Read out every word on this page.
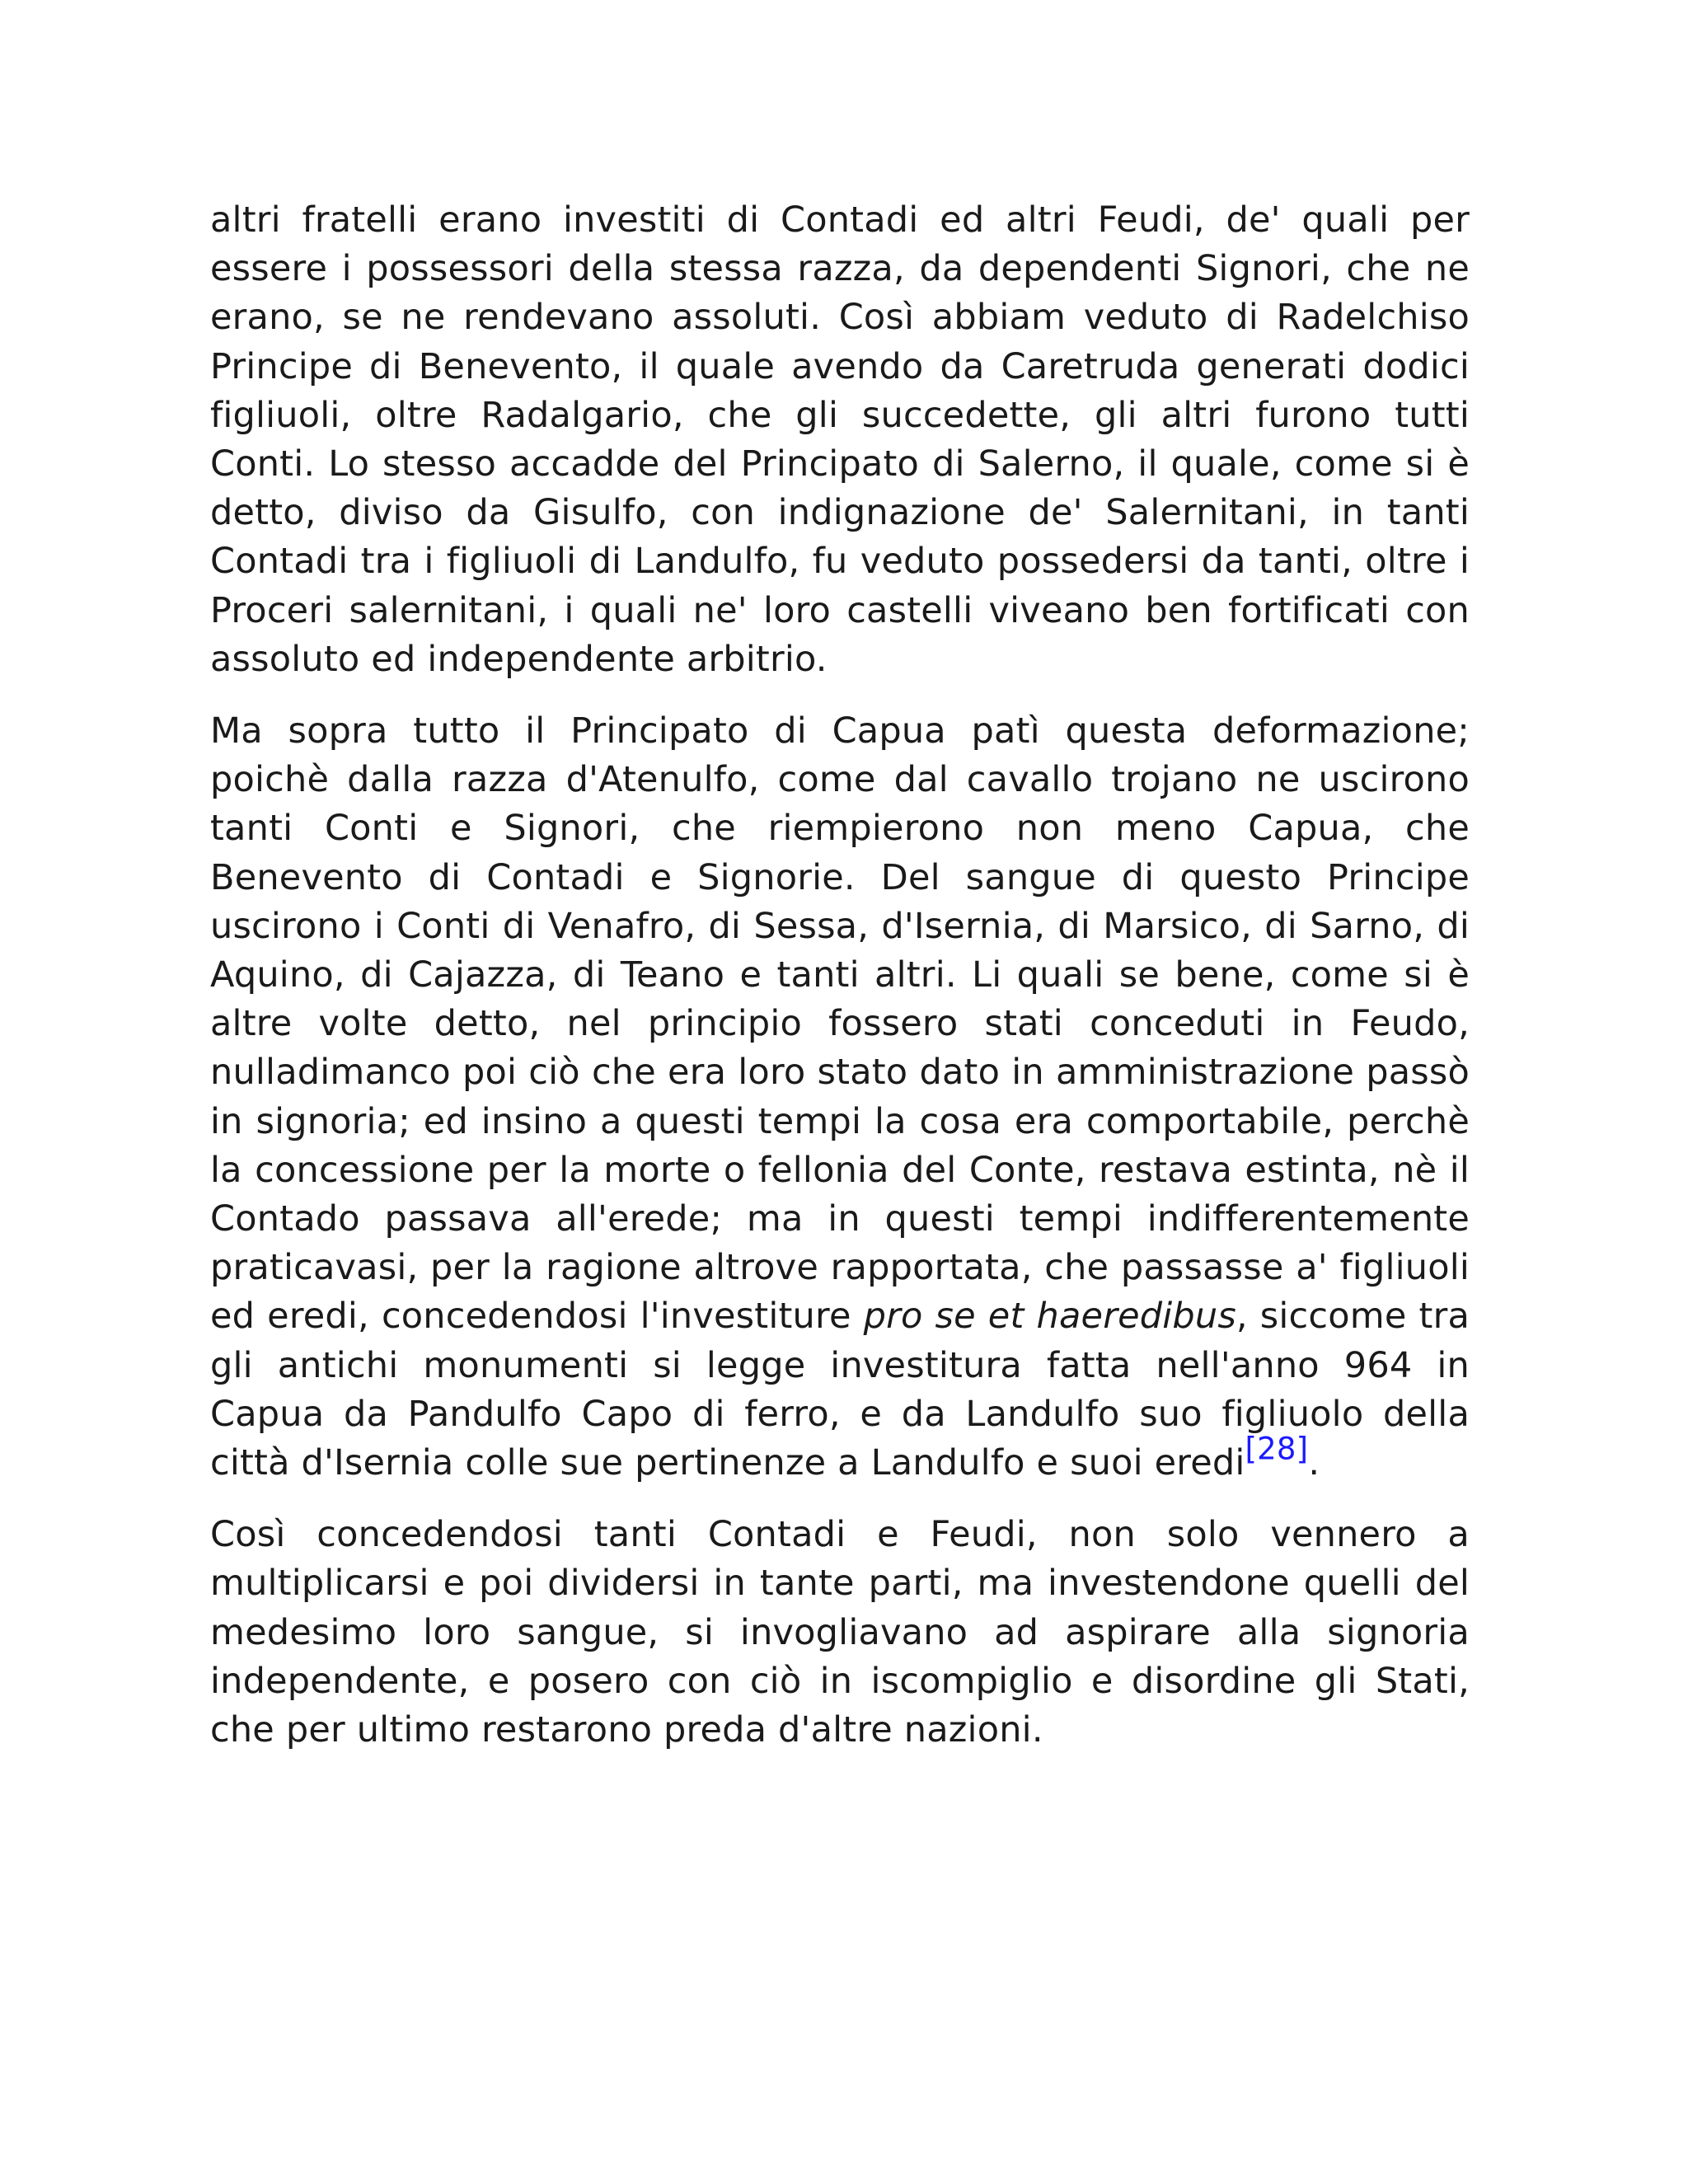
altri fratelli erano investiti di Contadi ed altri Feudi, de' quali per essere i possessori della stessa razza, da dependenti Signori, che ne erano, se ne rendevano assoluti. Così abbiam veduto di Radelchiso Principe di Benevento, il quale avendo da Caretruda generati dodici figliuoli, oltre Radalgario, che gli succedette, gli altri furono tutti Conti. Lo stesso accadde del Principato di Salerno, il quale, come si è detto, diviso da Gisulfo, con indignazione de' Salernitani, in tanti Contadi tra i figliuoli di Landulfo, fu veduto possedersi da tanti, oltre i Proceri salernitani, i quali ne' loro castelli viveano ben fortificati con assoluto ed independente arbitrio.

Ma sopra tutto il Principato di Capua patì questa deformazione; poichè dalla razza d'Atenulfo, come dal cavallo trojano ne uscirono tanti Conti e Signori, che riempierono non meno Capua, che Benevento di Contadi e Signorie. Del sangue di questo Principe uscirono i Conti di Venafro, di Sessa, d'Isernia, di Marsico, di Sarno, di Aquino, di Cajazza, di Teano e tanti altri. Li quali se bene, come si è altre volte detto, nel principio fossero stati conceduti in Feudo, nulladimanco poi ciò che era loro stato dato in amministrazione passò in signoria; ed insino a questi tempi la cosa era comportabile, perchè la concessione per la morte o fellonia del Conte, restava estinta, nè il Contado passava all'erede; ma in questi tempi indifferentemente praticavasi, per la ragione altrove rapportata, che passasse a' figliuoli ed eredi, concedendosi l'investiture pro se et haeredibus, siccome tra gli antichi monumenti si legge investitura fatta nell'anno 964 in Capua da Pandulfo Capo di ferro, e da Landulfo suo figliuolo della città d'Isernia colle sue pertinenze a Landulfo e suoi eredi[28].

Così concedendosi tanti Contadi e Feudi, non solo vennero a multiplicarsi e poi dividersi in tante parti, ma investendone quelli del medesimo loro sangue, si invogliavano ad aspirare alla signoria independente, e posero con ciò in iscompiglio e disordine gli Stati, che per ultimo restarono preda d'altre nazioni.
